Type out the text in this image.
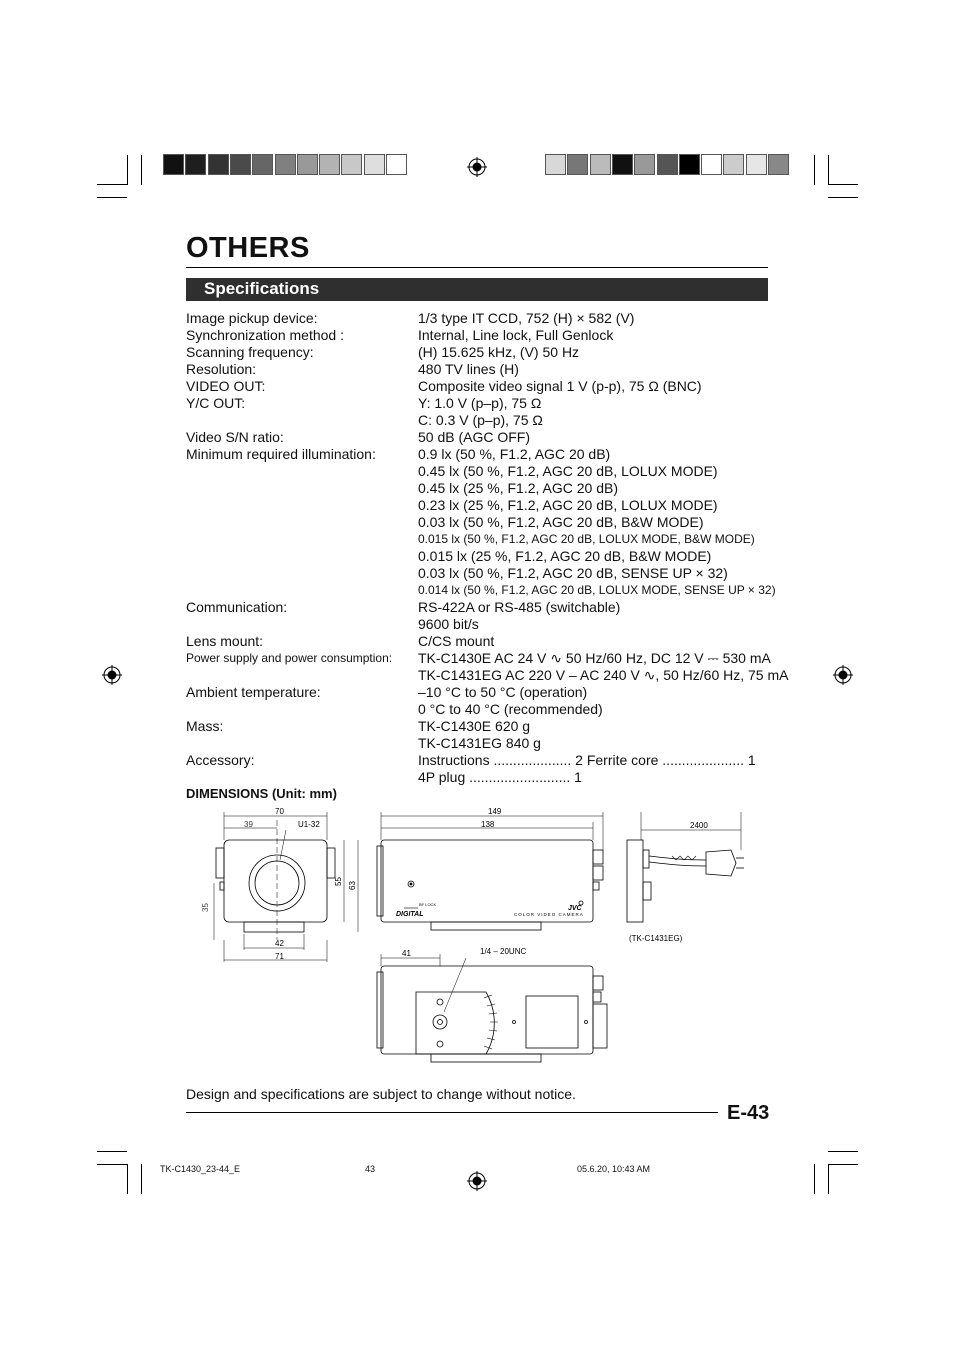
OTHERS
Specifications
Image pickup device:	1/3 type IT CCD, 752 (H) × 582 (V)
Synchronization method :	Internal, Line lock, Full Genlock
Scanning frequency:	(H) 15.625 kHz, (V) 50 Hz
Resolution:	480 TV lines (H)
VIDEO OUT:	Composite video signal 1 V (p-p), 75 Ω (BNC)
Y/C OUT:	Y: 1.0 V (p–p), 75 Ω
C: 0.3 V (p–p), 75 Ω
Video S/N ratio:	50 dB (AGC OFF)
Minimum required illumination:	0.9 lx (50 %, F1.2, AGC 20 dB)
0.45 lx (50 %, F1.2, AGC 20 dB, LOLUX MODE)
0.45 lx (25 %, F1.2, AGC 20 dB)
0.23 lx (25 %, F1.2, AGC 20 dB, LOLUX MODE)
0.03 lx (50 %, F1.2, AGC 20 dB, B&W MODE)
0.015 lx (50 %, F1.2, AGC 20 dB, LOLUX MODE, B&W MODE)
0.015 lx (25 %, F1.2, AGC 20 dB, B&W MODE)
0.03 lx (50 %, F1.2, AGC 20 dB, SENSE UP × 32)
0.014 lx (50 %, F1.2, AGC 20 dB, LOLUX MODE, SENSE UP × 32)
Communication:	RS-422A or RS-485 (switchable)
9600 bit/s
Lens mount:	C/CS mount
Power supply and power consumption:	TK-C1430E AC 24 V ∿ 50 Hz/60 Hz, DC 12 V ⎓ 530 mA
TK-C1431EG AC 220 V – AC 240 V ∿, 50 Hz/60 Hz, 75 mA
Ambient temperature:	–10 °C to 50 °C (operation)
0 °C to 40 °C (recommended)
Mass:	TK-C1430E 620 g
TK-C1431EG 840 g
Accessory:	Instructions .................... 2 Ferrite core ..................... 1
4P plug .......................... 1
DIMENSIONS (Unit: mm)
70
39	U1-32
55 63
35
42
71
149
138
BF LOCK
DIGITAL	COLOR VIDEO CAMERA
JVC
2400
(TK-C1431EG)
41	1/4 – 20UNC
Design and specifications are subject to change without notice.
E-43
TK-C1430_23-44_E	43	05.6.20, 10:43 AM
